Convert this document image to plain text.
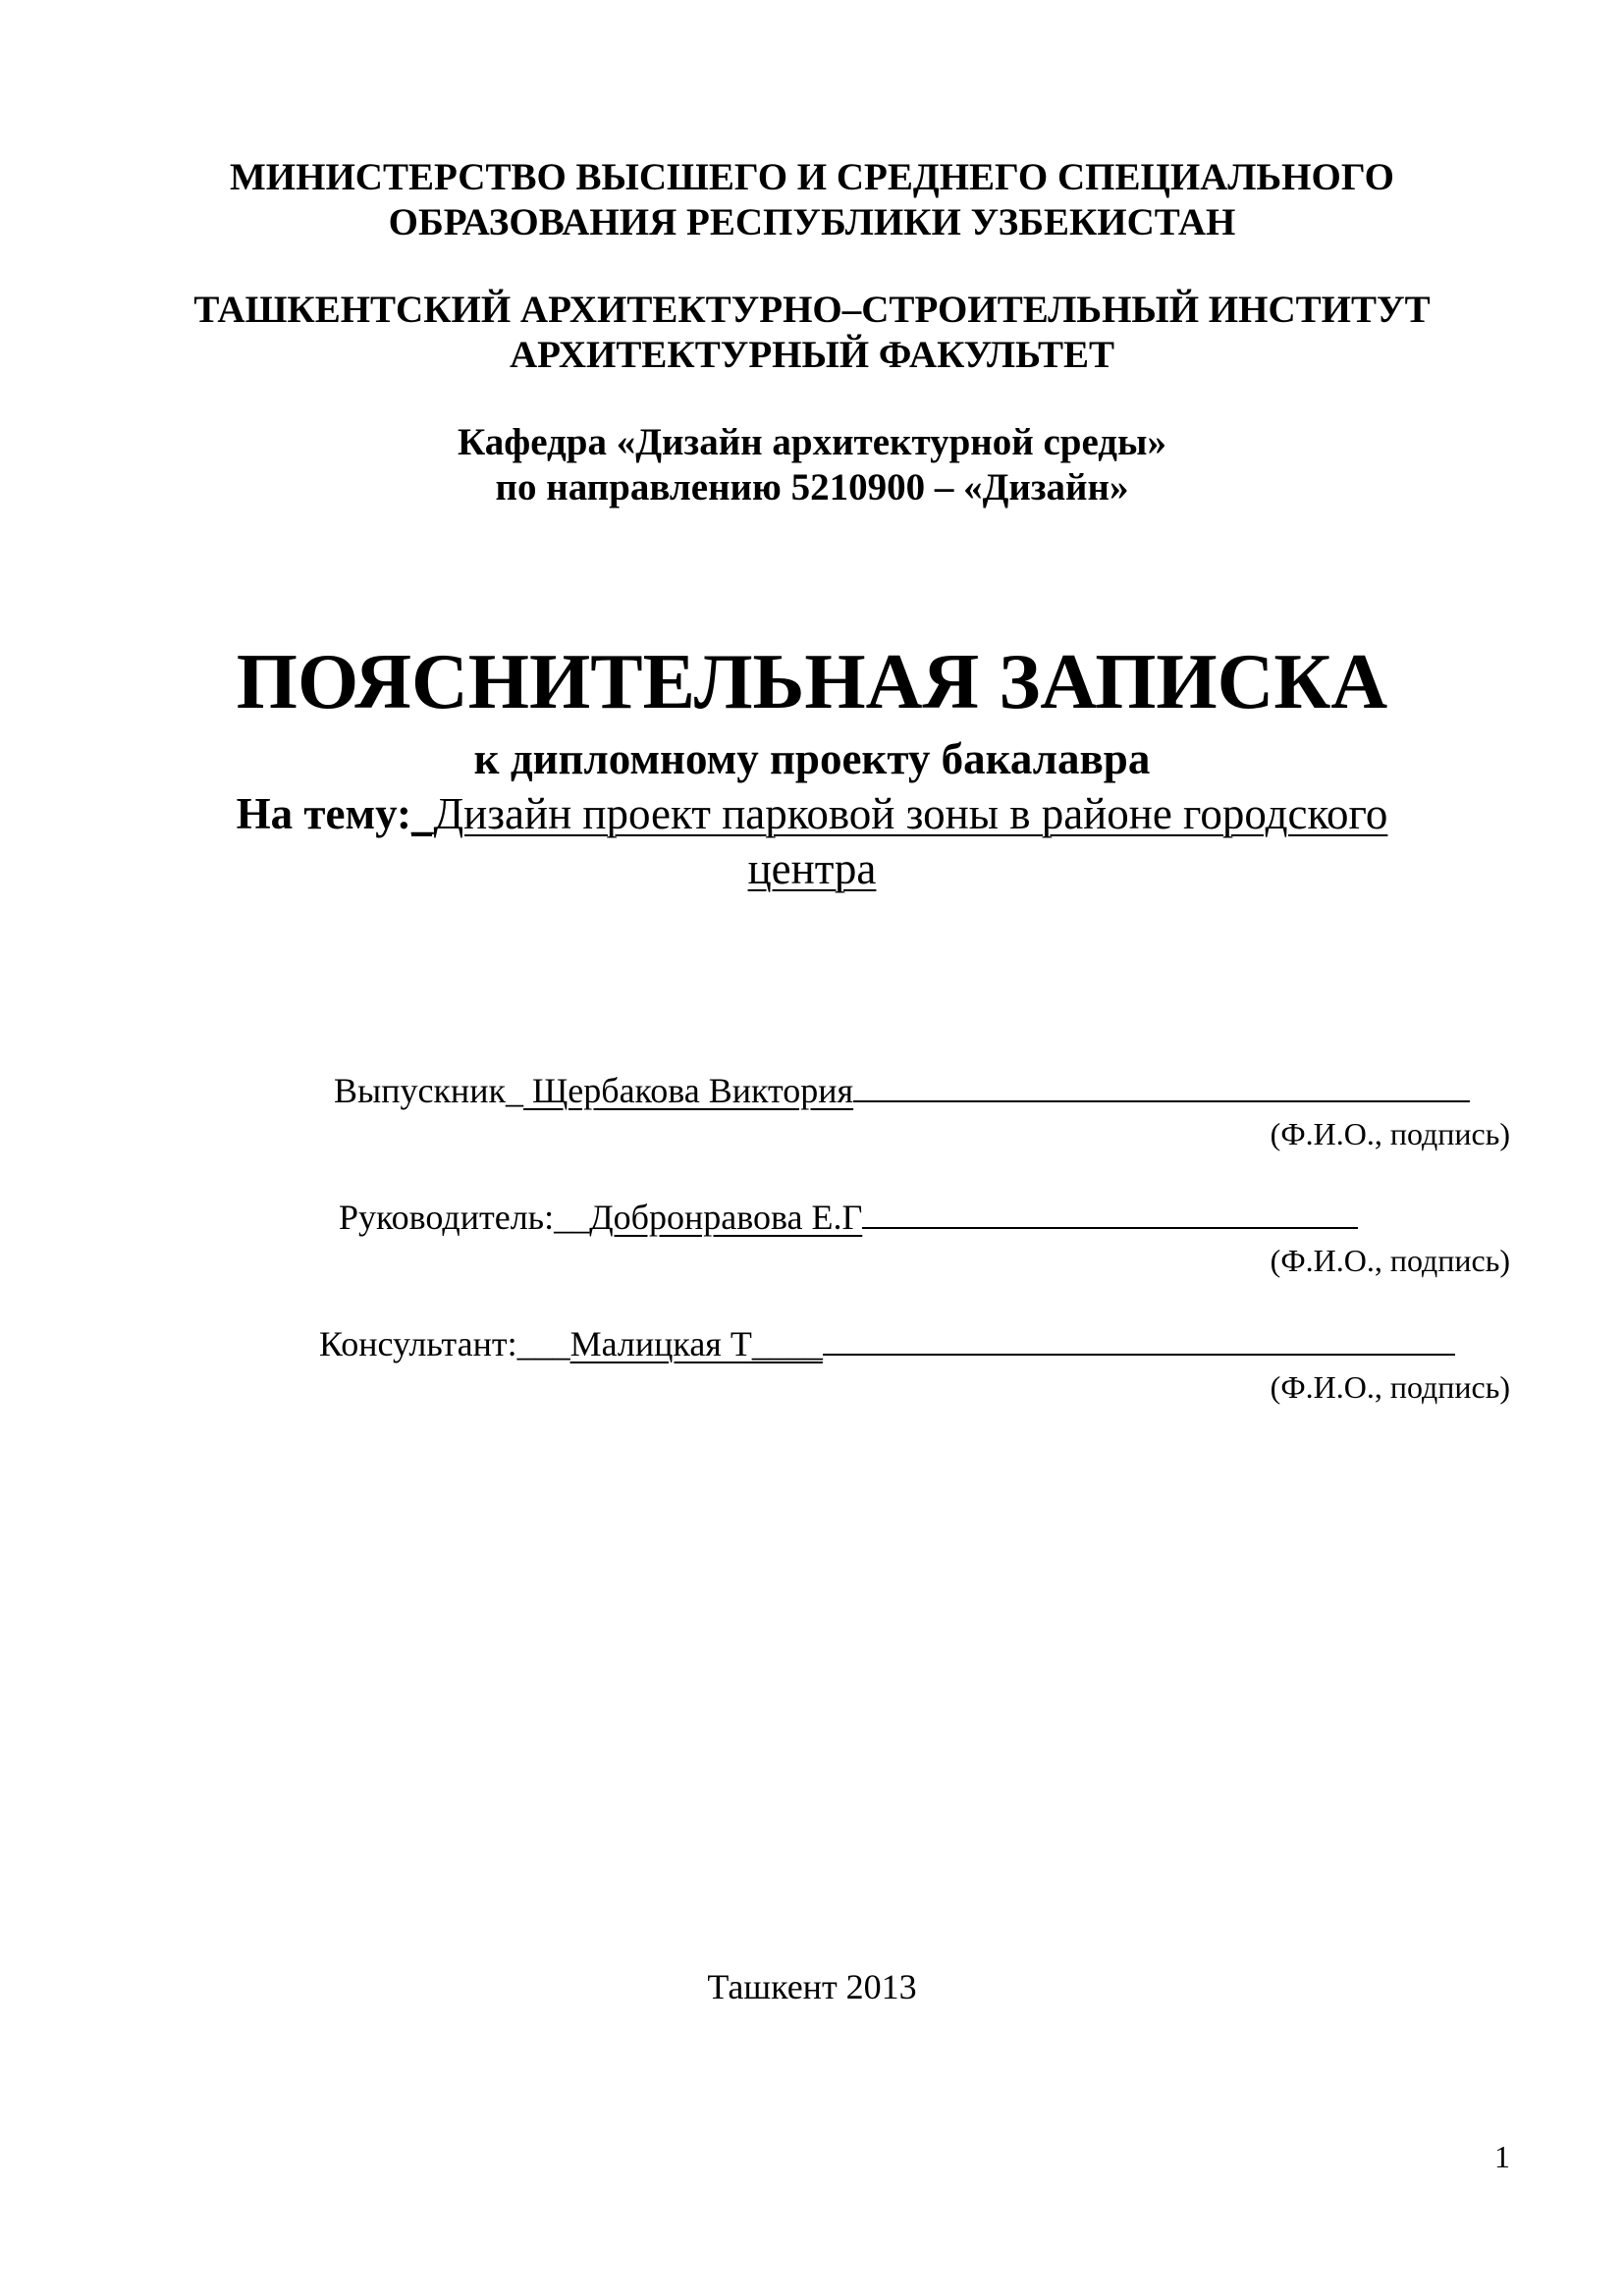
МИНИСТЕРСТВО ВЫСШЕГО И СРЕДНЕГО СПЕЦИАЛЬНОГО
ОБРАЗОВАНИЯ РЕСПУБЛИКИ УЗБЕКИСТАН
ТАШКЕНТСКИЙ АРХИТЕКТУРНО–СТРОИТЕЛЬНЫЙ ИНСТИТУТ
АРХИТЕКТУРНЫЙ ФАКУЛЬТЕТ
Кафедра «Дизайн архитектурной среды»
по направлению 5210900 – «Дизайн»
ПОЯСНИТЕЛЬНАЯ ЗАПИСКА
к дипломному проекту бакалавра
На тему:_Дизайн проект парковой зоны в районе городского
центра
Выпускник_ Щербакова Виктория
(Ф.И.О., подпись)
Руководитель:__Добронравова Е.Г
(Ф.И.О., подпись)
Консультант:___Малицкая Т____
(Ф.И.О., подпись)
Ташкент 2013
1
